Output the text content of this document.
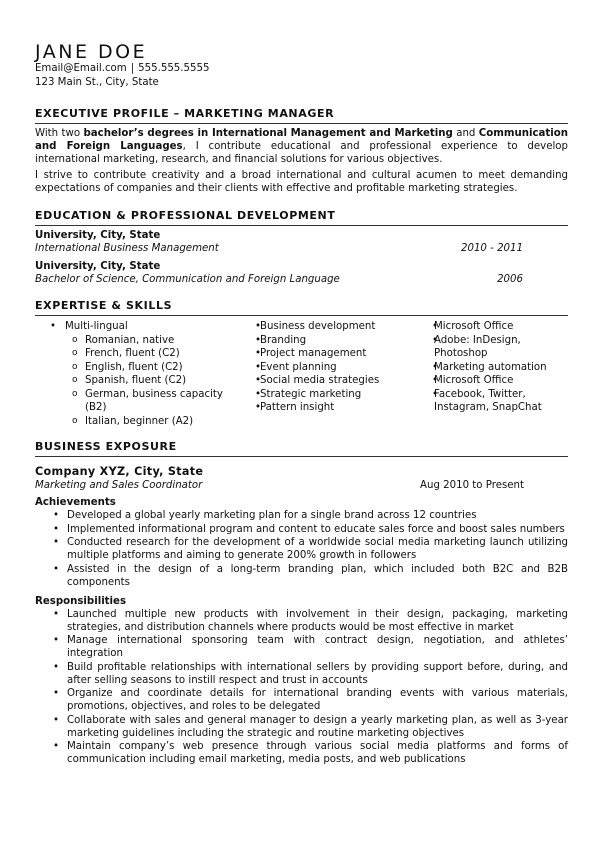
JANE DOE
Email@Email.com | 555.555.5555
123 Main St., City, State
EXECUTIVE PROFILE – MARKETING MANAGER

With two bachelor’s degrees in International Management and Marketing and Communication and Foreign Languages, I contribute educational and professional experience to develop international marketing, research, and financial solutions for various objectives.

I strive to contribute creativity and a broad international and cultural acumen to meet demanding expectations of companies and their clients with effective and profitable marketing strategies.

EDUCATION & PROFESSIONAL DEVELOPMENT
University, City, State
International Business Management	2010 - 2011
University, City, State
Bachelor of Science, Communication and Foreign Language	2006
EXPERTISE & SKILLS
• Multi-lingual
o Romanian, native
o French, fluent (C2)
o English, fluent (C2)
o Spanish, fluent (C2)
o German, business capacity (B2)
o Italian, beginner (A2)
• Business development
• Branding
• Project management
• Event planning
• Social media strategies
• Strategic marketing
• Pattern insight
• Microsoft Office
• Adobe: InDesign, Photoshop
• Marketing automation
• Microsoft Office
• Facebook, Twitter, Instagram, SnapChat
BUSINESS EXPOSURE
Company XYZ, City, State
Marketing and Sales Coordinator	Aug 2010 to Present
Achievements
• Developed a global yearly marketing plan for a single brand across 12 countries
• Implemented informational program and content to educate sales force and boost sales numbers
• Conducted research for the development of a worldwide social media marketing launch utilizing multiple platforms and aiming to generate 200% growth in followers
• Assisted in the design of a long-term branding plan, which included both B2C and B2B components
Responsibilities
• Launched multiple new products with involvement in their design, packaging, marketing strategies, and distribution channels where products would be most effective in market
• Manage international sponsoring team with contract design, negotiation, and athletes’ integration
• Build profitable relationships with international sellers by providing support before, during, and after selling seasons to instill respect and trust in accounts
• Organize and coordinate details for international branding events with various materials, promotions, objectives, and roles to be delegated
• Collaborate with sales and general manager to design a yearly marketing plan, as well as 3-year marketing guidelines including the strategic and routine marketing objectives
• Maintain company’s web presence through various social media platforms and forms of communication including email marketing, media posts, and web publications
